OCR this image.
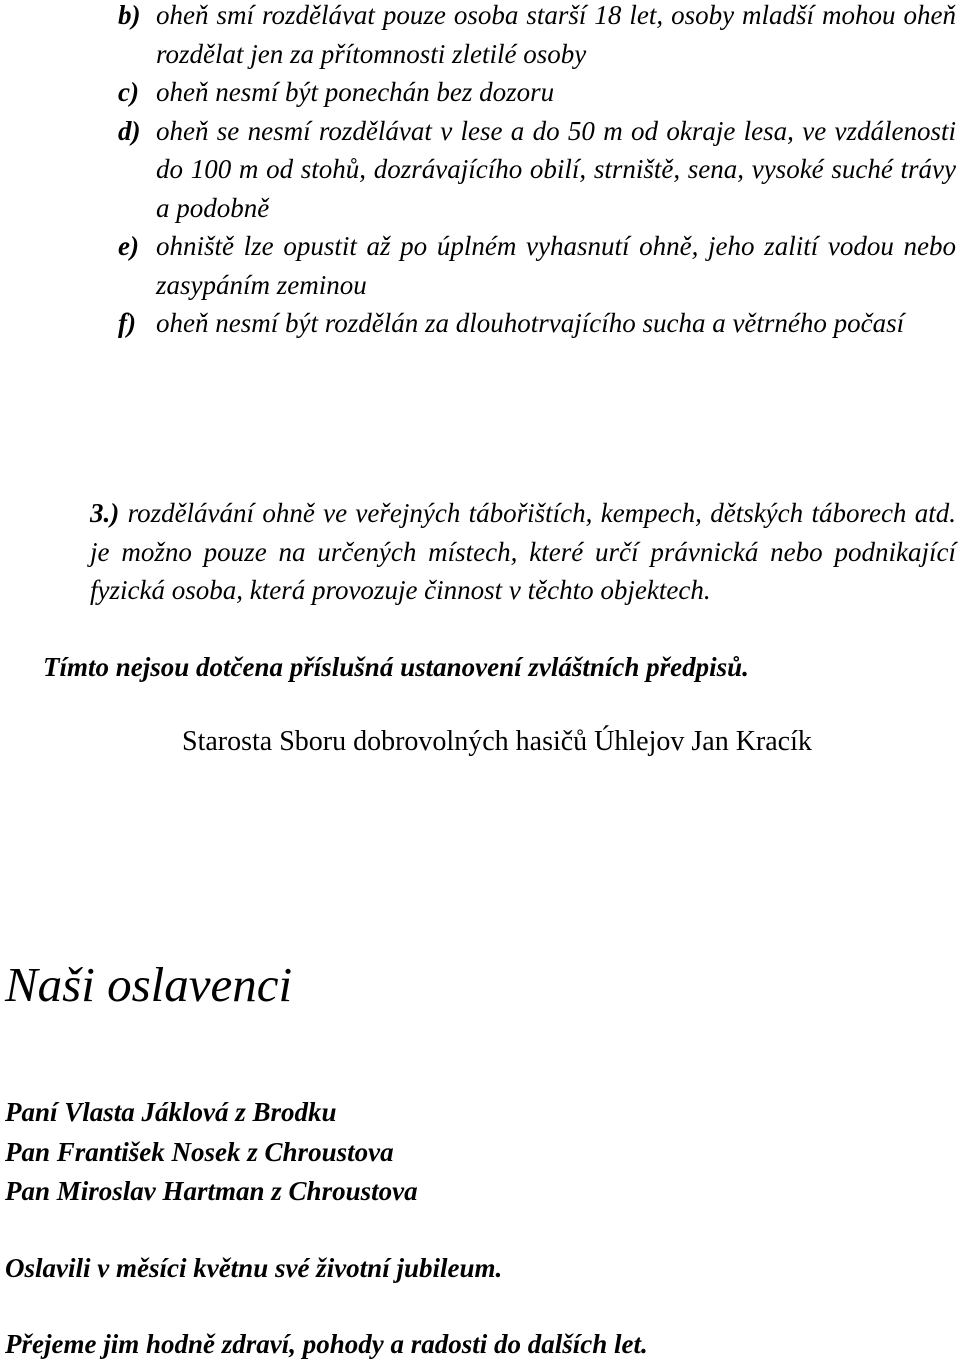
b) oheň smí rozdělávat pouze osoba starší 18 let, osoby mladší mohou oheň rozdělat jen za přítomnosti zletilé osoby
c) oheň nesmí být ponechán bez dozoru
d) oheň se nesmí rozdělávat v lese a do 50 m od okraje lesa, ve vzdálenosti do 100 m od stohů, dozrávajícího obilí, strniště, sena, vysoké suché trávy a podobně
e) ohniště lze opustit až po úplném vyhasnutí ohně, jeho zalití vodou nebo zasypáním zeminou
f) oheň nesmí být rozdělán za dlouhotrvajícího sucha a větrného počasí
3.) rozdělávání ohně ve veřejných tábořištích, kempech, dětských táborech atd. je možno pouze na určených místech, které určí právnická nebo podnikající fyzická osoba, která provozuje činnost v těchto objektech.
Tímto nejsou dotčena příslušná ustanovení zvláštních předpisů.
Starosta Sboru dobrovolných hasičů Úhlejov Jan Kracík
Naši oslavenci
Paní Vlasta Jáklová z Brodku
Pan František Nosek z Chroustova
Pan Miroslav Hartman z Chroustova
Oslavili v měsíci květnu své životní jubileum.
Přejeme jim hodně zdraví, pohody a radosti do dalších let.
